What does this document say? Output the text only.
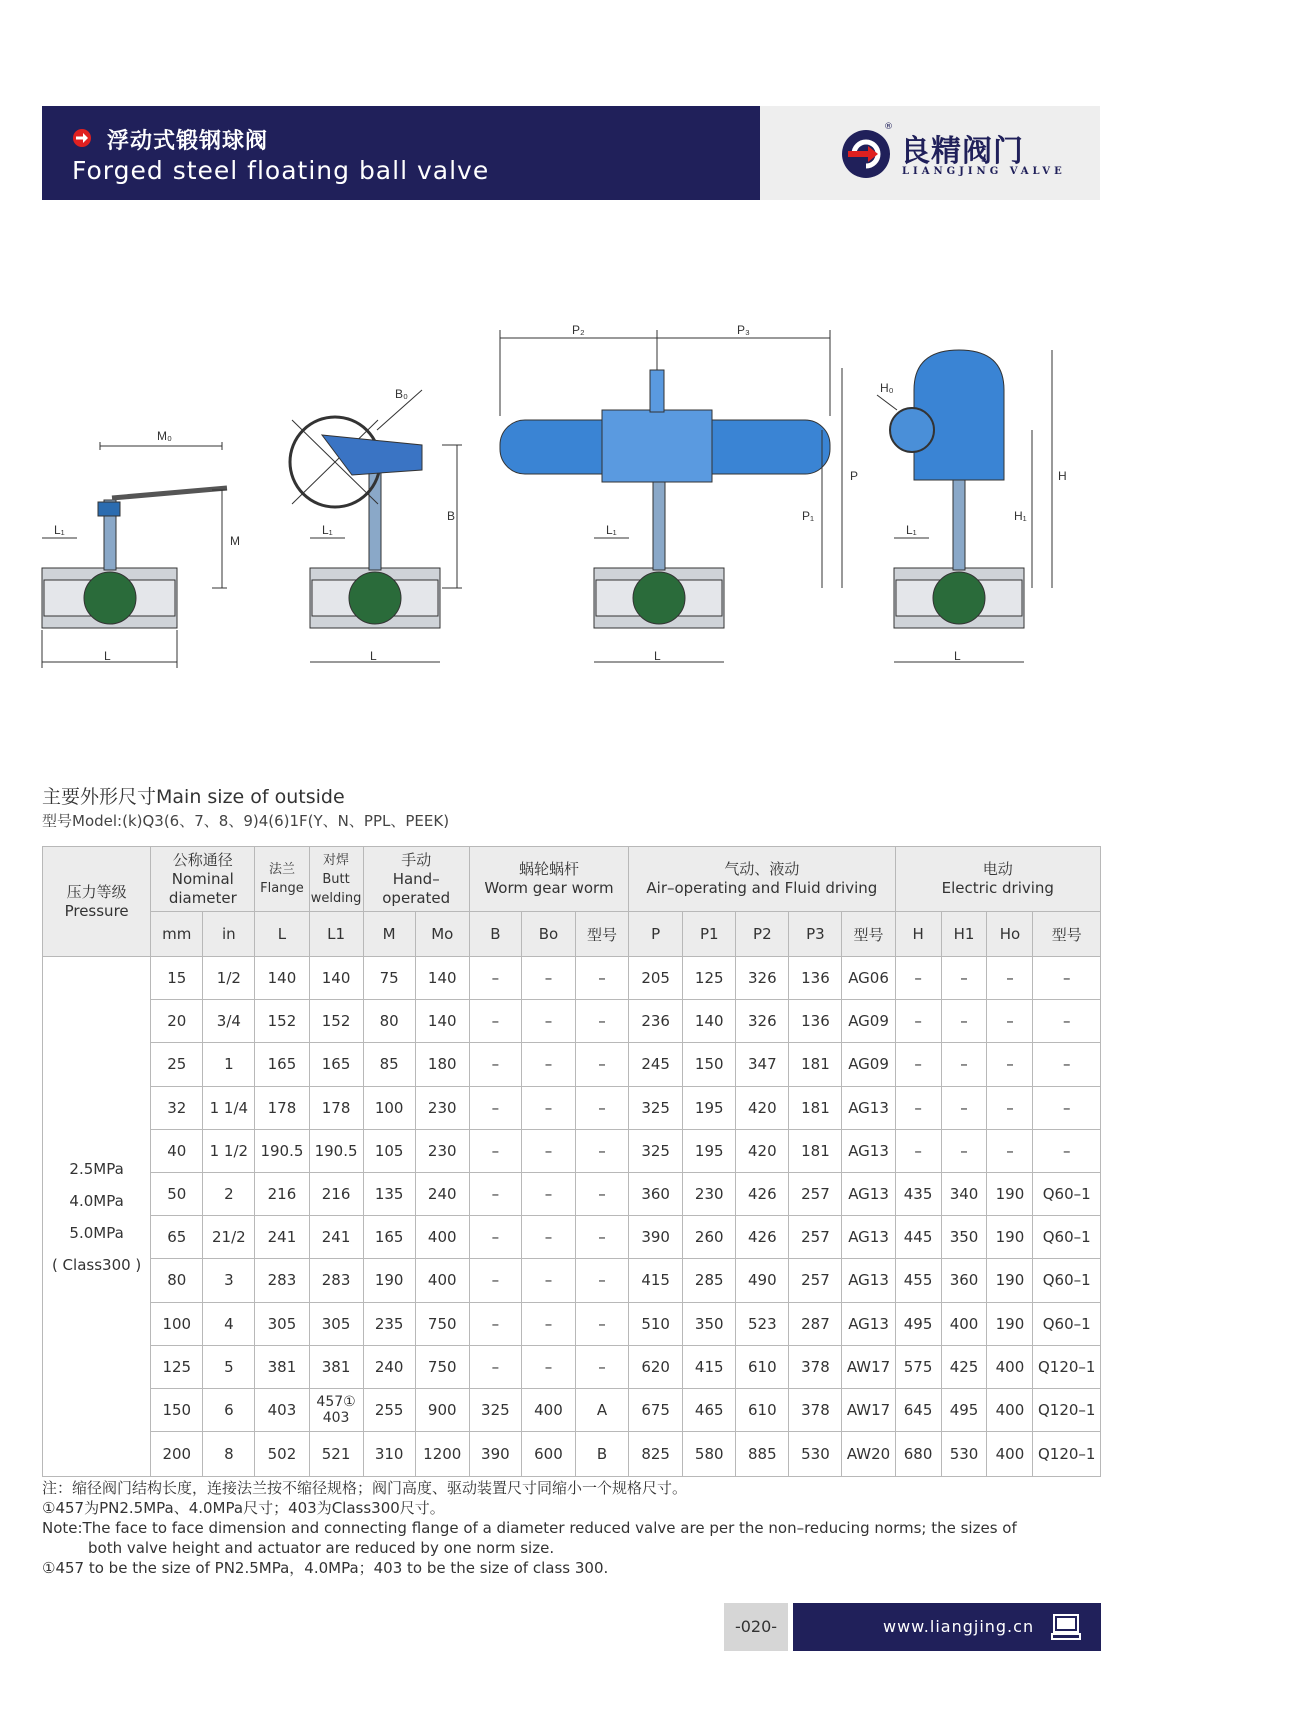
浮动式锻钢球阀
Forged steel floating ball valve
®
良精阀门
LIANGJING VALVE
M₀
M
L₁
L
B₀
B
L₁
L
P₂	P₃
P
P₁
L₁
L
H₀
H
H₁
L₁
L
主要外形尺寸Main size of outside
型号Model:(k)Q3(6、7、8、9)4(6)1F(Y、N、PPL、PEEK)
压力等级
Pressure	公称通径
Nominal diameter		法兰
Flange	对焊
Butt welding	手动
Hand–operated		蜗轮蜗杆
Worm gear worm			气动、液动
Air–operating and Fluid driving					电动
Electric driving			
	mm	in	L	L1	M	Mo	B	Bo	型号	P	P1	P2	P3	型号	H	H1	Ho	型号

2.5MPa
4.0MPa
5.0MPa
( Class300 )	15	1/2	140	140	75	140	–	–	–	205	125	326	136	AG06	–	–	–	–
	20	3/4	152	152	80	140	–	–	–	236	140	326	136	AG09	–	–	–	–
	25	1	165	165	85	180	–	–	–	245	150	347	181	AG09	–	–	–	–
	32	1 1/4	178	178	100	230	–	–	–	325	195	420	181	AG13	–	–	–	–
	40	1 1/2	190.5	190.5	105	230	–	–	–	325	195	420	181	AG13	–	–	–	–
	50	2	216	216	135	240	–	–	–	360	230	426	257	AG13	435	340	190	Q60–1
	65	21/2	241	241	165	400	–	–	–	390	260	426	257	AG13	445	350	190	Q60–1
	80	3	283	283	190	400	–	–	–	415	285	490	257	AG13	455	360	190	Q60–1
	100	4	305	305	235	750	–	–	–	510	350	523	287	AG13	495	400	190	Q60–1
	125	5	381	381	240	750	–	–	–	620	415	610	378	AW17	575	425	400	Q120–1
	150	6	403	457①
403	255	900	325	400	A	675	465	610	378	AW17	645	495	400	Q120–1
	200	8	502	521	310	1200	390	600	B	825	580	885	530	AW20	680	530	400	Q120–1
注：缩径阀门结构长度，连接法兰按不缩径规格；阀门高度、驱动装置尺寸同缩小一个规格尺寸。
①457为PN2.5MPa、4.0MPa尺寸；403为Class300尺寸。
Note:The face to face dimension and connecting flange of a diameter reduced valve are per the non–reducing norms; the sizes of
both valve height and actuator are reduced by one norm size.
①457 to be the size of PN2.5MPa，4.0MPa；403 to be the size of class 300.
-020-	www.liangjing.cn
